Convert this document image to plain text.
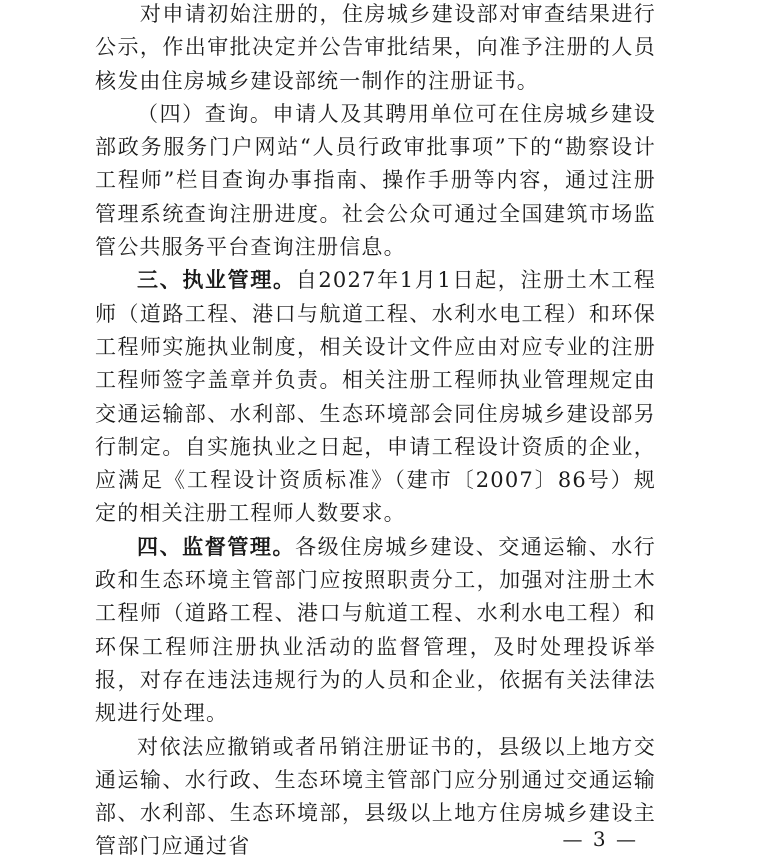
　　对申请初始注册的，住房城乡建设部对审查结果进行公示，作出审批决定并公告审批结果，向准予注册的人员核发由住房城乡建设部统一制作的注册证书。

（四）查询。申请人及其聘用单位可在住房城乡建设部政务服务门户网站“人员行政审批事项”下的“勘察设计工程师”栏目查询办事指南、操作手册等内容，通过注册管理系统查询注册进度。社会公众可通过全国建筑市场监管公共服务平台查询注册信息。

三、执业管理。自2027年1月1日起，注册土木工程师（道路工程、港口与航道工程、水利水电工程）和环保工程师实施执业制度，相关设计文件应由对应专业的注册工程师签字盖章并负责。相关注册工程师执业管理规定由交通运输部、水利部、生态环境部会同住房城乡建设部另行制定。自实施执业之日起，申请工程设计资质的企业，应满足《工程设计资质标准》（建市〔2007〕86号）规定的相关注册工程师人数要求。

四、监督管理。各级住房城乡建设、交通运输、水行政和生态环境主管部门应按照职责分工，加强对注册土木工程师（道路工程、港口与航道工程、水利水电工程）和环保工程师注册执业活动的监督管理，及时处理投诉举报，对存在违法违规行为的人员和企业，依据有关法律法规进行处理。

对依法应撤销或者吊销注册证书的，县级以上地方交通运输、水行政、生态环境主管部门应分别通过交通运输部、水利部、生态环境部，县级以上地方住房城乡建设主管部门应通过省	— 3 —
